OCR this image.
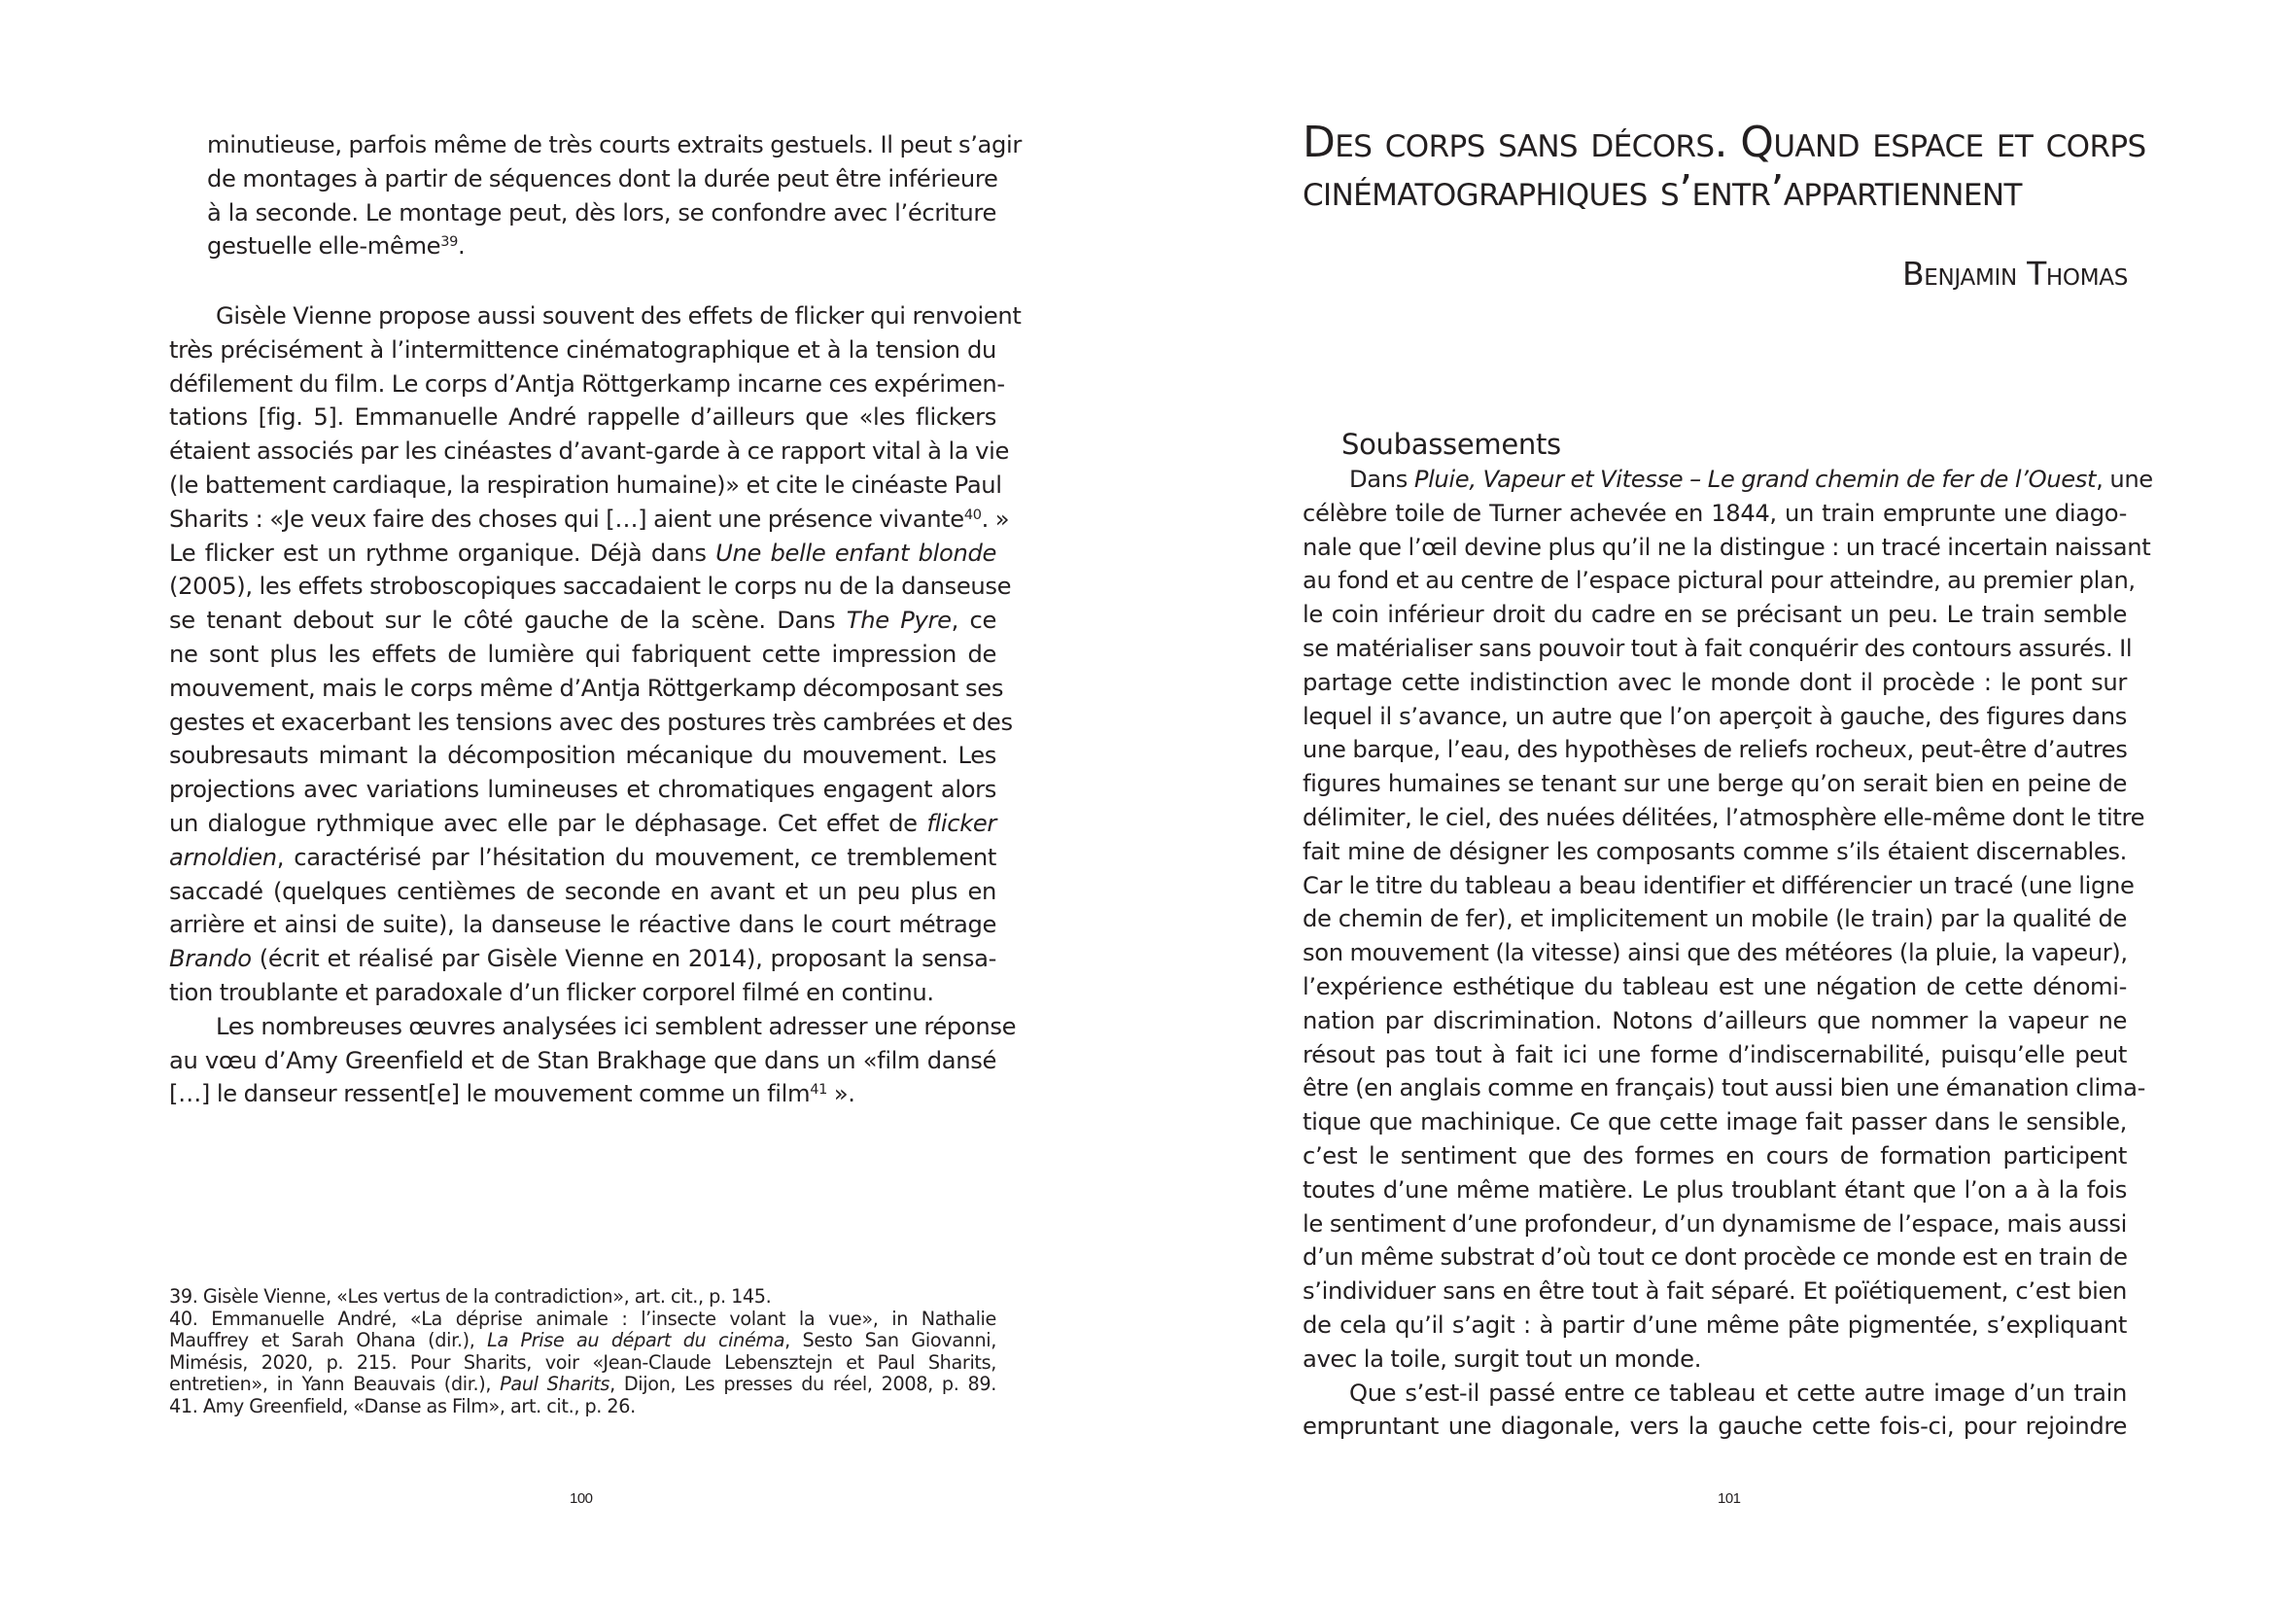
minutieuse, parfois même de très courts extraits gestuels. Il peut s’agir
de montages à partir de séquences dont la durée peut être inférieure
à la seconde. Le montage peut, dès lors, se confondre avec l’écriture
gestuelle elle-même$^{39}$.
Gisèle Vienne propose aussi souvent des effets de flicker qui renvoient
très précisément à l’intermittence cinématographique et à la tension du
défilement du film. Le corps d’Antja Röttgerkamp incarne ces expérimen-
tations [fig. 5]. Emmanuelle André rappelle d’ailleurs que «les flickers
étaient associés par les cinéastes d’avant-garde à ce rapport vital à la vie
(le battement cardiaque, la respiration humaine)» et cite le cinéaste Paul
Sharits : «Je veux faire des choses qui […] aient une présence vivante$^{40}$. »
Le flicker est un rythme organique. Déjà dans Une belle enfant blonde
(2005), les effets stroboscopiques saccadaient le corps nu de la danseuse
se tenant debout sur le côté gauche de la scène. Dans The Pyre, ce
ne sont plus les effets de lumière qui fabriquent cette impression de
mouvement, mais le corps même d’Antja Röttgerkamp décomposant ses
gestes et exacerbant les tensions avec des postures très cambrées et des
soubresauts mimant la décomposition mécanique du mouvement. Les
projections avec variations lumineuses et chromatiques engagent alors
un dialogue rythmique avec elle par le déphasage. Cet effet de flicker
arnoldien, caractérisé par l’hésitation du mouvement, ce tremblement
saccadé (quelques centièmes de seconde en avant et un peu plus en
arrière et ainsi de suite), la danseuse le réactive dans le court métrage
Brando (écrit et réalisé par Gisèle Vienne en 2014), proposant la sensa-
tion troublante et paradoxale d’un flicker corporel filmé en continu.
Les nombreuses œuvres analysées ici semblent adresser une réponse
au vœu d’Amy Greenfield et de Stan Brakhage que dans un «film dansé
[…] le danseur ressent[e] le mouvement comme un film$^{41}$ ».
39. Gisèle Vienne, «Les vertus de la contradiction», art. cit., p. 145.
40. Emmanuelle André, «La déprise animale : l’insecte volant la vue», in Nathalie
Mauffrey et Sarah Ohana (dir.), La Prise au départ du cinéma, Sesto San Giovanni,
Mimésis, 2020, p. 215. Pour Sharits, voir «Jean-Claude Lebensztejn et Paul Sharits,
entretien», in Yann Beauvais (dir.), Paul Sharits, Dijon, Les presses du réel, 2008, p. 89.
41. Amy Greenfield, «Danse as Film», art. cit., p. 26.
100
Des corps sans décors. Quand espace et corps
cinématographiques s’entr’appartiennent
Benjamin Thomas
Soubassements
Dans Pluie, Vapeur et Vitesse – Le grand chemin de fer de l’Ouest, une
célèbre toile de Turner achevée en 1844, un train emprunte une diago-
nale que l’œil devine plus qu’il ne la distingue : un tracé incertain naissant
au fond et au centre de l’espace pictural pour atteindre, au premier plan,
le coin inférieur droit du cadre en se précisant un peu. Le train semble
se matérialiser sans pouvoir tout à fait conquérir des contours assurés. Il
partage cette indistinction avec le monde dont il procède : le pont sur
lequel il s’avance, un autre que l’on aperçoit à gauche, des figures dans
une barque, l’eau, des hypothèses de reliefs rocheux, peut-être d’autres
figures humaines se tenant sur une berge qu’on serait bien en peine de
délimiter, le ciel, des nuées délitées, l’atmosphère elle-même dont le titre
fait mine de désigner les composants comme s’ils étaient discernables.
Car le titre du tableau a beau identifier et différencier un tracé (une ligne
de chemin de fer), et implicitement un mobile (le train) par la qualité de
son mouvement (la vitesse) ainsi que des météores (la pluie, la vapeur),
l’expérience esthétique du tableau est une négation de cette dénomi-
nation par discrimination. Notons d’ailleurs que nommer la vapeur ne
résout pas tout à fait ici une forme d’indiscernabilité, puisqu’elle peut
être (en anglais comme en français) tout aussi bien une émanation clima-
tique que machinique. Ce que cette image fait passer dans le sensible,
c’est le sentiment que des formes en cours de formation participent
toutes d’une même matière. Le plus troublant étant que l’on a à la fois
le sentiment d’une profondeur, d’un dynamisme de l’espace, mais aussi
d’un même substrat d’où tout ce dont procède ce monde est en train de
s’individuer sans en être tout à fait séparé. Et poïétiquement, c’est bien
de cela qu’il s’agit : à partir d’une même pâte pigmentée, s’expliquant
avec la toile, surgit tout un monde.
Que s’est-il passé entre ce tableau et cette autre image d’un train
empruntant une diagonale, vers la gauche cette fois-ci, pour rejoindre
101
